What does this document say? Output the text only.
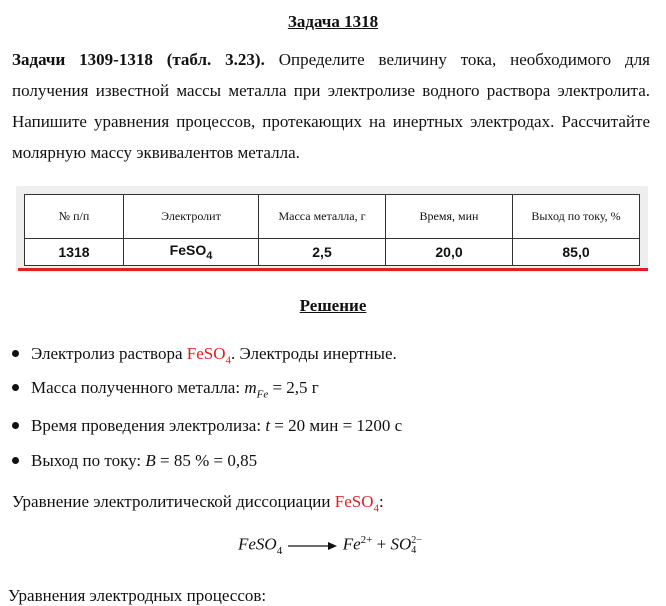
Задача 1318
Задачи 1309-1318 (табл. 3.23). Определите величину тока, необходимого для получения известной массы металла при электролизе водного раствора электролита. Напишите уравнения процессов, протекающих на инертных электродах. Рассчитайте молярную массу эквивалентов металла.
№ п/п	Электролит	Масса металла, г	Время, мин	Выход по току, %
1318	FeSO$_4$	2,5	20,0	85,0
Решение
Электролиз раствора FeSO$_4$. Электроды инертные.
Масса полученного металла: $m_{Fe} = 2,5$ г
Время проведения электролиза: t = 20 мин = 1200 с
Выход по току: B = 85 % = 0,85
Уравнение электролитической диссоциации FeSO$_4$:
FeSO$_4$	$Fe^{2+}$ + SO 2−
4
Уравнения электродных процессов:
